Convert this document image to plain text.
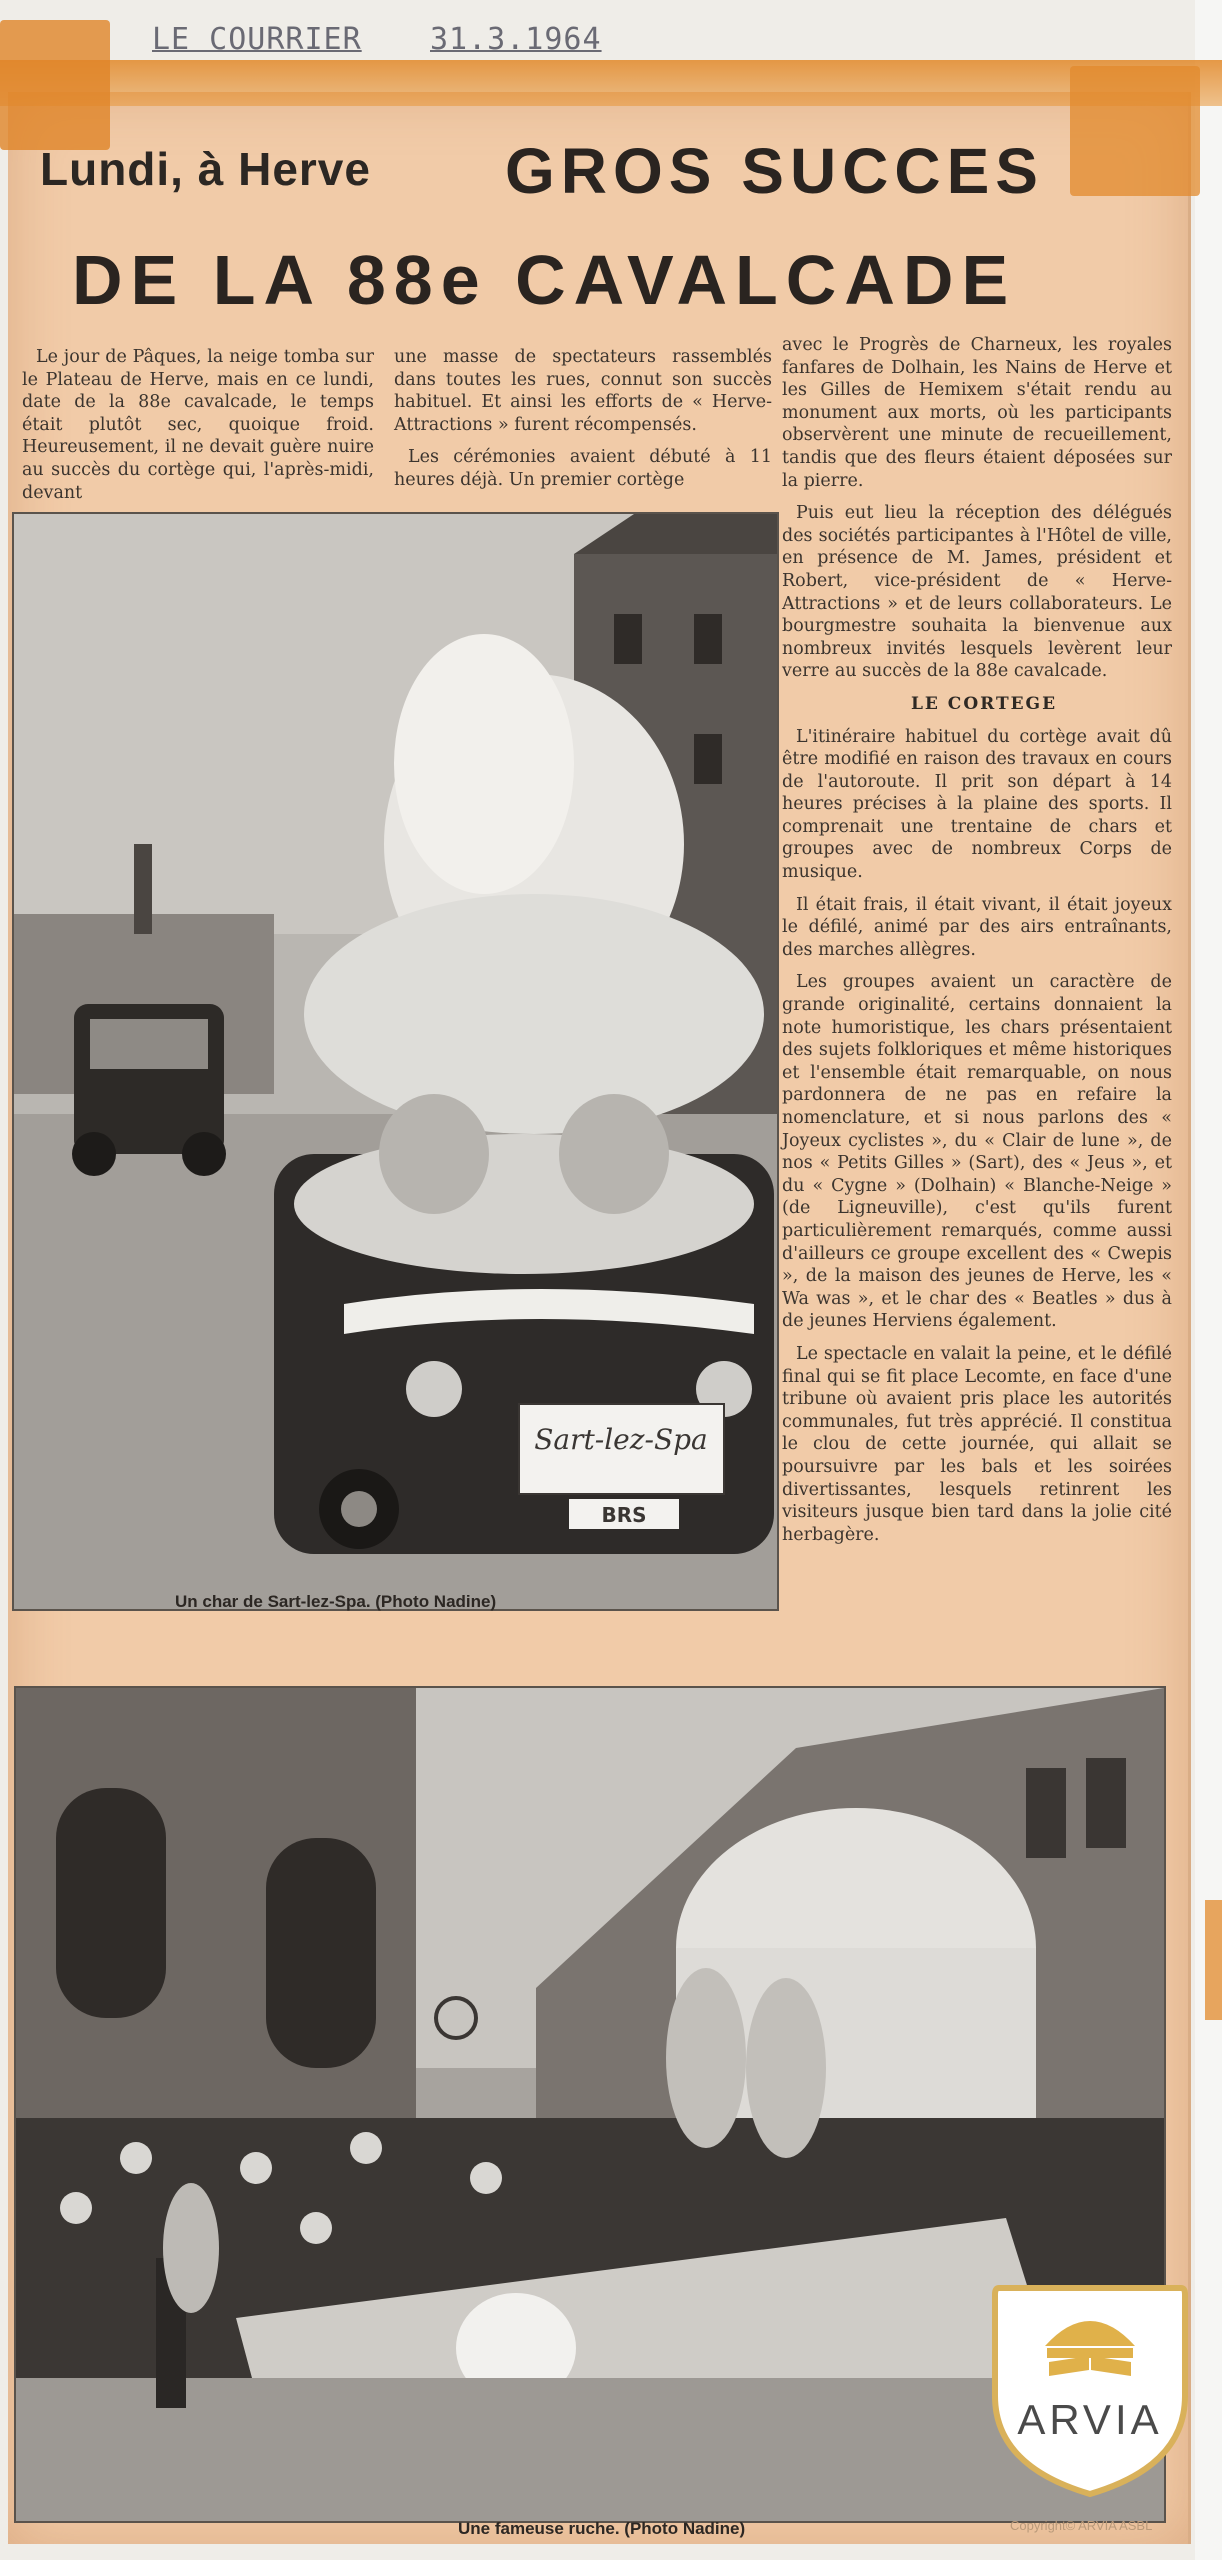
LE COURRIER 31.3.1964
Lundi, à Herve GROS SUCCES
DE LA 88e CAVALCADE

Le jour de Pâques, la neige tomba sur le Plateau de Herve, mais en ce lundi, date de la 88e cavalcade, le temps était plutôt sec, quoique froid. Heureusement, il ne devait guère nuire au succès du cortège qui, l'après-midi, devant

une masse de spectateurs rassemblés dans toutes les rues, connut son succès habituel. Et ainsi les efforts de « Herve-Attractions » furent récompensés.

Les cérémonies avaient débuté à 11 heures déjà. Un premier cortège

avec le Progrès de Charneux, les royales fanfares de Dolhain, les Nains de Herve et les Gilles de Hemixem s'était rendu au monument aux morts, où les participants observèrent une minute de recueillement, tandis que des fleurs étaient déposées sur la pierre.

Puis eut lieu la réception des délégués des sociétés participantes à l'Hôtel de ville, en présence de M. James, président et Robert, vice-président de « Herve-Attractions » et de leurs collaborateurs. Le bourgmestre souhaita la bienvenue aux nombreux invités lesquels levèrent leur verre au succès de la 88e cavalcade.

LE CORTEGE

L'itinéraire habituel du cortège avait dû être modifié en raison des travaux en cours de l'autoroute. Il prit son départ à 14 heures précises à la plaine des sports. Il comprenait une trentaine de chars et groupes avec de nombreux Corps de musique.

Il était frais, il était vivant, il était joyeux le défilé, animé par des airs entraînants, des marches allègres.

Les groupes avaient un caractère de grande originalité, certains donnaient la note humoristique, les chars présentaient des sujets folkloriques et même historiques et l'ensemble était remarquable, on nous pardonnera de ne pas en refaire la nomenclature, et si nous parlons des « Joyeux cyclistes », du « Clair de lune », de nos « Petits Gilles » (Sart), des « Jeus », et du « Cygne » (Dolhain) « Blanche-Neige » (de Ligneuville), c'est qu'ils furent particulièrement remarqués, comme aussi d'ailleurs ce groupe excellent des « Cwepis », de la maison des jeunes de Herve, les « Wa was », et le char des « Beatles » dus à de jeunes Herviens également.

Le spectacle en valait la peine, et le défilé final qui se fit place Lecomte, en face d'une tribune où avaient pris place les autorités communales, fut très apprécié. Il constitua le clou de cette journée, qui allait se poursuivre par les bals et les soirées divertissantes, lesquels retinrent les visiteurs jusque bien tard dans la jolie cité herbagère.

Sart-lez-Spa
BRS
Un char de Sart-lez-Spa. (Photo Nadine)
Une fameuse ruche. (Photo Nadine)
ARVIA
Copyright© ARVIA ASBL
